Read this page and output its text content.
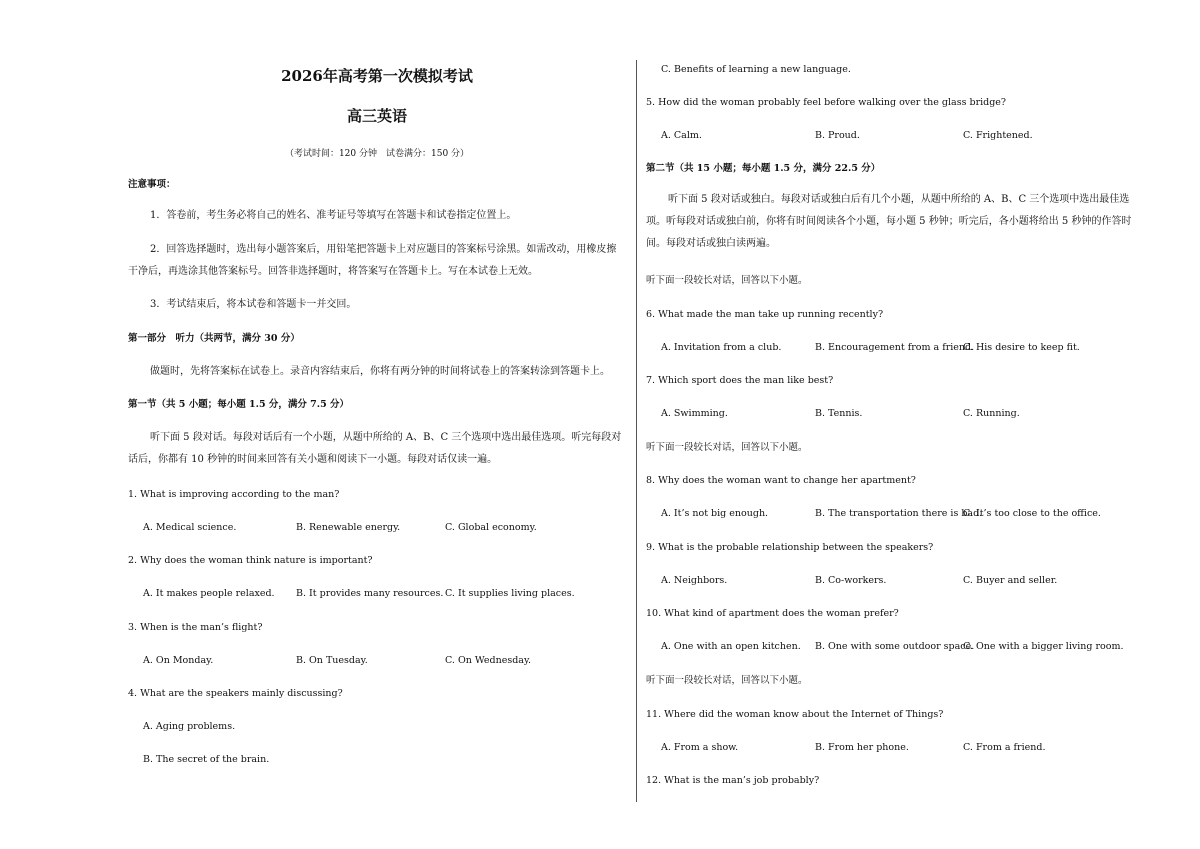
2026年高考第一次模拟考试
高三英语
（考试时间：120 分钟　试卷满分：150 分）
注意事项：
1．答卷前，考生务必将自己的姓名、准考证号等填写在答题卡和试卷指定位置上。
2．回答选择题时，选出每小题答案后，用铅笔把答题卡上对应题目的答案标号涂黑。如需改动，用橡皮擦干净后，再选涂其他答案标号。回答非选择题时，将答案写在答题卡上。写在本试卷上无效。
3．考试结束后，将本试卷和答题卡一并交回。
第一部分　听力（共两节，满分 30 分）
做题时，先将答案标在试卷上。录音内容结束后，你将有两分钟的时间将试卷上的答案转涂到答题卡上。
第一节（共 5 小题；每小题 1.5 分，满分 7.5 分）
听下面 5 段对话。每段对话后有一个小题，从题中所给的 A、B、C 三个选项中选出最佳选项。听完每段对话后，你都有 10 秒钟的时间来回答有关小题和阅读下一小题。每段对话仅读一遍。
1. What is improving according to the man?
A. Medical science.	B. Renewable energy.	C. Global economy.
2. Why does the woman think nature is important?
A. It makes people relaxed. B. It provides many resources. C. It supplies living places.
3. When is the man’s flight?
A. On Monday.	B. On Tuesday.	C. On Wednesday.
4. What are the speakers mainly discussing?
A. Aging problems.
B. The secret of the brain.
C. Benefits of learning a new language.
5. How did the woman probably feel before walking over the glass bridge?
A. Calm.	B. Proud.	C. Frightened.
第二节（共 15 小题；每小题 1.5 分，满分 22.5 分）
听下面 5 段对话或独白。每段对话或独白后有几个小题，从题中所给的 A、B、C 三个选项中选出最佳选项。听每段对话或独白前，你将有时间阅读各个小题，每小题 5 秒钟；听完后，各小题将给出 5 秒钟的作答时间。每段对话或独白读两遍。
听下面一段较长对话，回答以下小题。
6. What made the man take up running recently?
A. Invitation from a club.	B. Encouragement from a friend.
C. His desire to keep fit.
7. Which sport does the man like best?
A. Swimming.	B. Tennis.	C. Running.
听下面一段较长对话，回答以下小题。
8. Why does the woman want to change her apartment?
A. It’s not big enough.	B. The transportation there is bad.
C. It’s too close to the office.
9. What is the probable relationship between the speakers?
A. Neighbors.	B. Co-workers.	C. Buyer and seller.
10. What kind of apartment does the woman prefer?
A. One with an open kitchen. B. One with some outdoor space.
C. One with a bigger living room.
听下面一段较长对话，回答以下小题。
11. Where did the woman know about the Internet of Things?
A. From a show.	B. From her phone.	C. From a friend.
12. What is the man’s job probably?
